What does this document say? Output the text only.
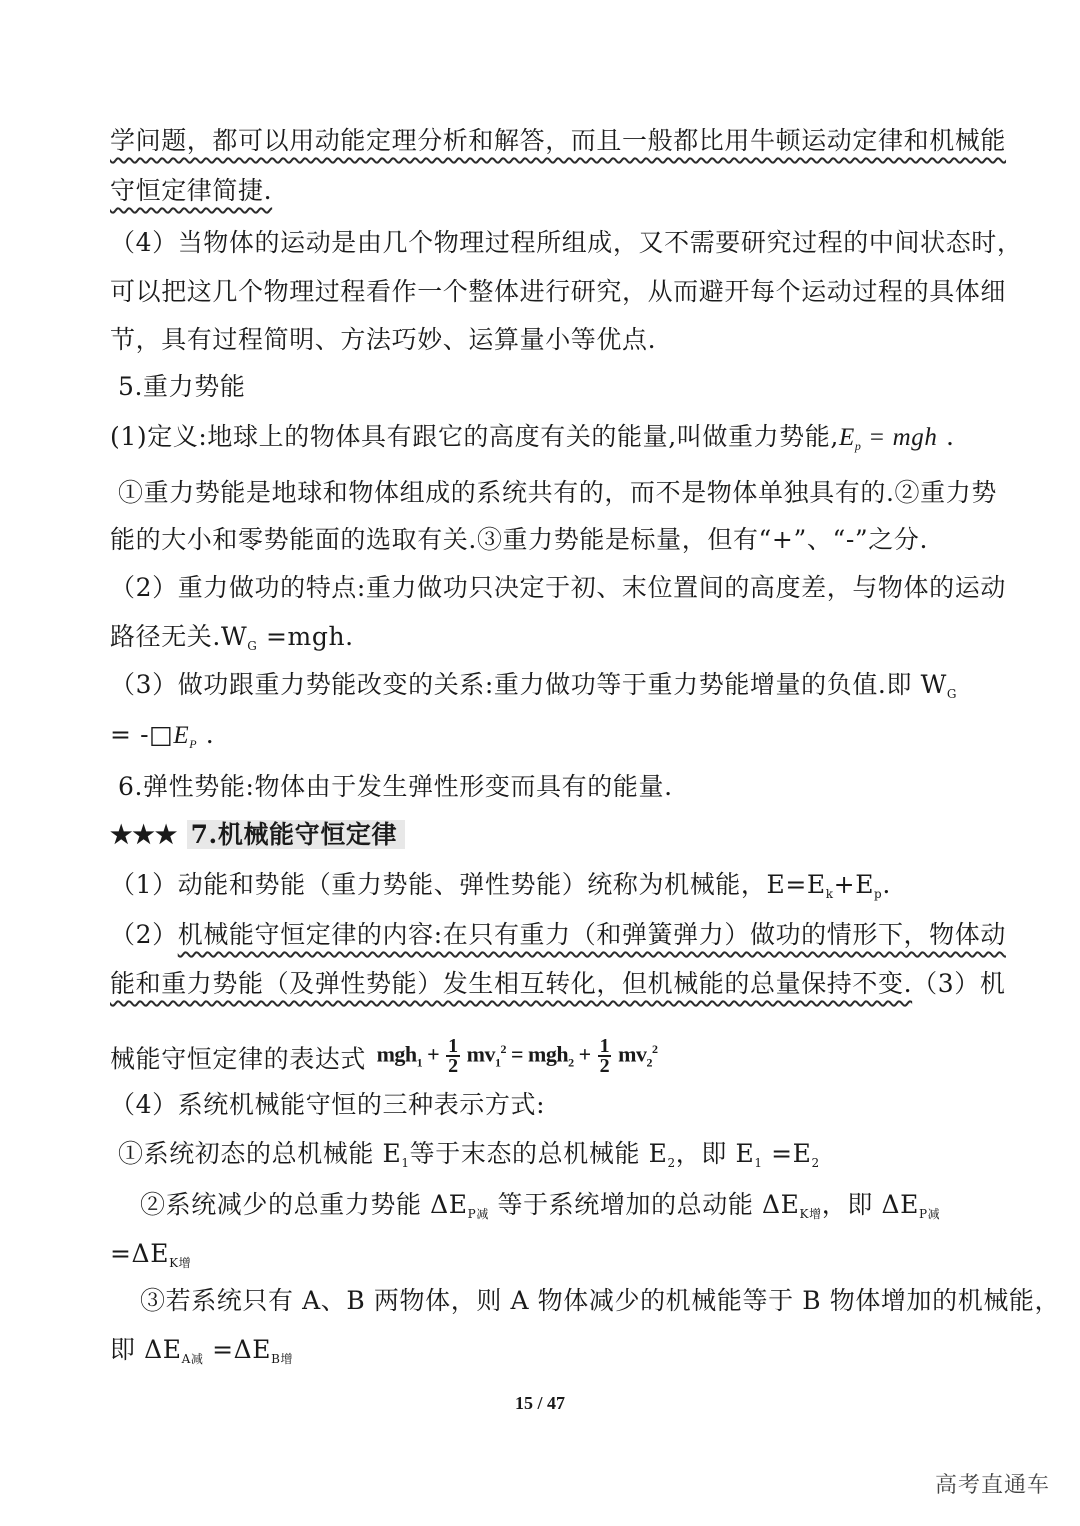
学问题，都可以用动能定理分析和解答，而且一般都比用牛顿运动定律和机械能
守恒定律简捷.
（4）当物体的运动是由几个物理过程所组成，又不需要研究过程的中间状态时，
可以把这几个物理过程看作一个整体进行研究，从而避开每个运动过程的具体细
节，具有过程简明、方法巧妙、运算量小等优点.
5.重力势能
(1)定义:地球上的物体具有跟它的高度有关的能量,叫做重力势能$,E_p$ = mgh .
①重力势能是地球和物体组成的系统共有的，而不是物体单独具有的.②重力势
能的大小和零势能面的选取有关.③重力势能是标量，但有“+”、“-”之分.
（2）重力做功的特点:重力做功只决定于初、末位置间的高度差，与物体的运动
路径无关$.W_G =mgh$.
（3）做功跟重力势能改变的关系:重力做功等于重力势能增量的负值.即 $W_G$
= $-□E_P$ .
6.弹性势能:物体由于发生弹性形变而具有的能量.
★★★ 7.机械能守恒定律
（1）动能和势能（重力势能、弹性势能）统称为机械能，$E=E_k+E_p$.
（2）机械能守恒定律的内容:在只有重力（和弹簧弹力）做功的情形下，物体动
能和重力势能（及弹性势能）发生相互转化，但机械能的总量保持不变.（3）机
械能守恒定律的表达式 $mgh_1 + \frac{1}{2} mv_1^2 = mgh_2 + \frac{1}{2} mv_2^2$
（4）系统机械能守恒的三种表示方式:
①系统初态的总机械能 $E_1$等于末态的总机械能 $E_2$，即 $E_1 =E_2$
②系统减少的总重力势能 $\Delta E_{P减}$ 等于系统增加的总动能 $\Delta E_{K增}$，即 $\Delta E_{P减}$
$=\Delta E_{K增}$
③若系统只有 A、B 两物体，则 A 物体减少的机械能等于 B 物体增加的机械能，
即 $\Delta E_{A减} =\Delta E_{B增}$
15 / 47
高考直通车
